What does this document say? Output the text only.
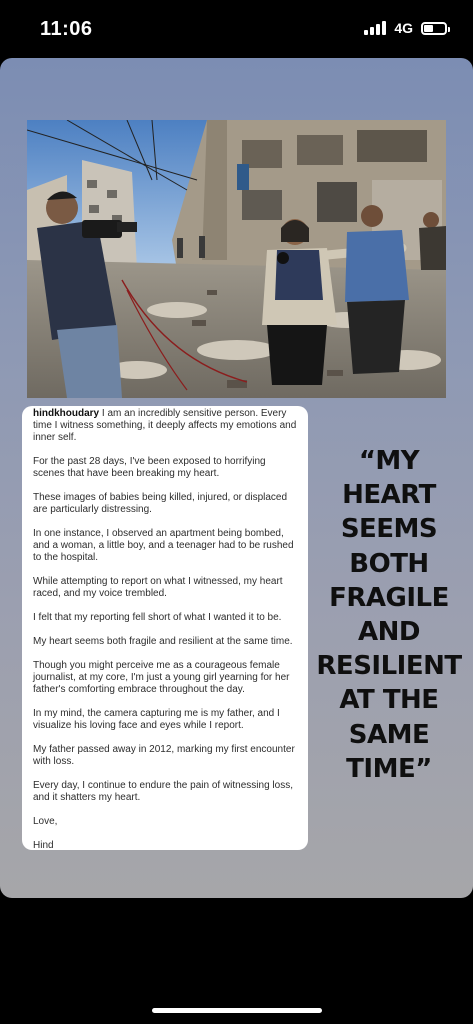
11:06	4G

hindkhoudary I am an incredibly sensitive person. Every time I witness something, it deeply affects my emotions and inner self.

For the past 28 days, I've been exposed to horrifying scenes that have been breaking my heart.

These images of babies being killed, injured, or displaced are particularly distressing.

In one instance, I observed an apartment being bombed, and a woman, a little boy, and a teenager had to be rushed to the hospital.

While attempting to report on what I witnessed, my heart raced, and my voice trembled.

I felt that my reporting fell short of what I wanted it to be.

My heart seems both fragile and resilient at the same time.

Though you might perceive me as a courageous female journalist, at my core, I'm just a young girl yearning for her father's comforting embrace throughout the day.

In my mind, the camera capturing me is my father, and I visualize his loving face and eyes while I report.

My father passed away in 2012, marking my first encounter with loss.

Every day, I continue to endure the pain of witnessing loss, and it shatters my heart.

Love,

Hind

“MY
HEART
SEEMS
BOTH
FRAGILE
AND
RESILIENT
AT THE
SAME
TIME”
